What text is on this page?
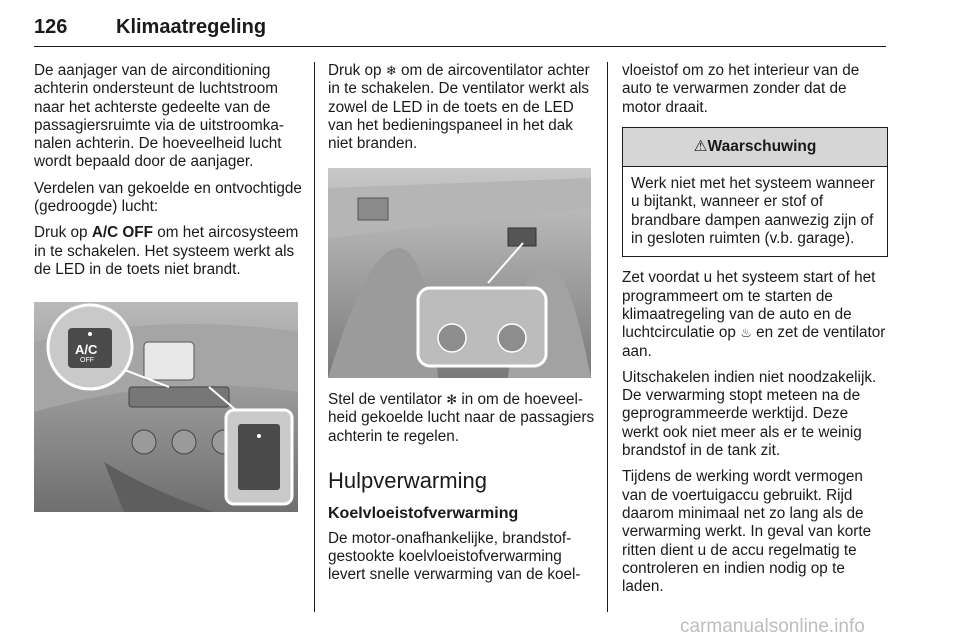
126 Klimaatregeling

De aanjager van de airconditioning achterin ondersteunt de luchtstroom naar het achterste gedeelte van de passagiersruimte via de uitstroomkanalen achterin. De hoeveelheid lucht wordt bepaald door de aanjager.

Verdelen van gekoelde en ontvochtigde (gedroogde) lucht:

Druk op A/C OFF om het aircosysteem in te schakelen. Het systeem werkt als de LED in de toets niet brandt.

A/C
OFF

Druk op ❄ om de aircoventilator achter in te schakelen. De ventilator werkt als zowel de LED in de toets en de LED van het bedieningspaneel in het dak niet branden.

Stel de ventilator ✻ in om de hoeveelheid gekoelde lucht naar de passagiers achterin te regelen.

Hulpverwarming
Koelvloeistofverwarming

De motor-onafhankelijke, brandstofgestookte koelvloeistofverwarming levert snelle verwarming van de koel-

vloeistof om zo het interieur van de auto te verwarmen zonder dat de motor draait.

⚠Waarschuwing
Werk niet met het systeem wanneer u bijtankt, wanneer er stof of brandbare dampen aanwezig zijn of in gesloten ruimten (v.b. garage).

Zet voordat u het systeem start of het programmeert om te starten de klimaatregeling van de auto en de luchtcirculatie op ♨ en zet de ventilator aan.

Uitschakelen indien niet noodzakelijk. De verwarming stopt meteen na de geprogrammeerde werktijd. Deze werkt ook niet meer als er te weinig brandstof in de tank zit.

Tijdens de werking wordt vermogen van de voertuigaccu gebruikt. Rijd daarom minimaal net zo lang als de verwarming werkt. In geval van korte ritten dient u de accu regelmatig te controleren en indien nodig op te laden.

carmanualsonline.info
